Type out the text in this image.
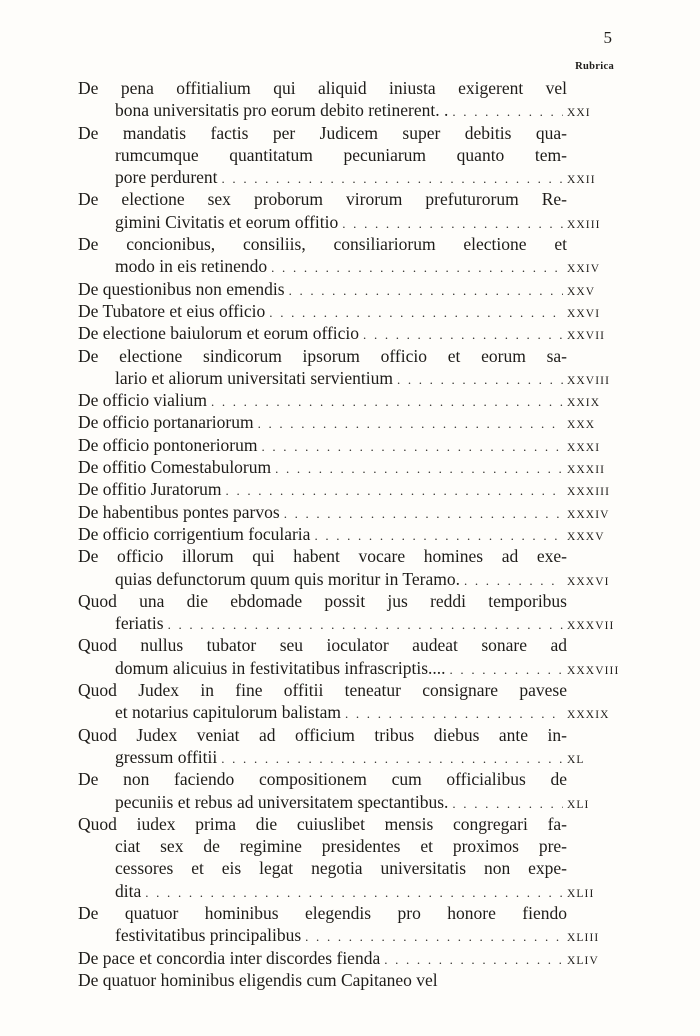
5
Rubrica
De pena offitialium qui aliquid iniusta exigerent vel
bona universitatis pro eorum debito retinerent. . . . .	XXI
De mandatis factis per Judicem super debitis qua-
rumcumque quantitatum pecuniarum quanto tem-
pore perdurent . . .	XXII
De electione sex proborum virorum prefuturorum Re-
gimini Civitatis et eorum offitio . . .	XXIII
De concionibus, consiliis, consiliariorum electione et
modo in eis retinendo . . .	XXIV
De questionibus non emendis . . .	XXV
De Tubatore et eius officio . . .	XXVI
De electione baiulorum et eorum officio . . .	XXVII
De electione sindicorum ipsorum officio et eorum sa-
lario et aliorum universitati servientium . . .	XXVIII
De officio vialium . . .	XXIX
De officio portanariorum . . .	XXX
De officio pontoneriorum . . .	XXXI
De offitio Comestabulorum . . .	XXXII
De offitio Juratorum . . .	XXXIII
De habentibus pontes parvos . . .	XXXIV
De officio corrigentium focularia . . .	XXXV
De officio illorum qui habent vocare homines ad exe-
quias defunctorum quum quis moritur in Teramo. . . .	XXXVI
Quod una die ebdomade possit jus reddi temporibus
feriatis . . .	XXXVII
Quod nullus tubator seu ioculator audeat sonare ad
domum alicuius in festivitatibus infrascriptis.... . . .	XXXVIII
Quod Judex in fine offitii teneatur consignare pavese
et notarius capitulorum balistam . . .	XXXIX
Quod Judex veniat ad officium tribus diebus ante in-
gressum offitii . . .	XL
De non faciendo compositionem cum officialibus de
pecuniis et rebus ad universitatem spectantibus. . . .	XLI
Quod iudex prima die cuiuslibet mensis congregari fa-
ciat sex de regimine presidentes et proximos pre-
cessores et eis legat negotia universitatis non expe-
dita . . .	XLII
De quatuor hominibus elegendis pro honore fiendo
festivitatibus principalibus . . .	XLIII
De pace et concordia inter discordes fienda . . .	XLIV
De quatuor hominibus eligendis cum Capitaneo vel
